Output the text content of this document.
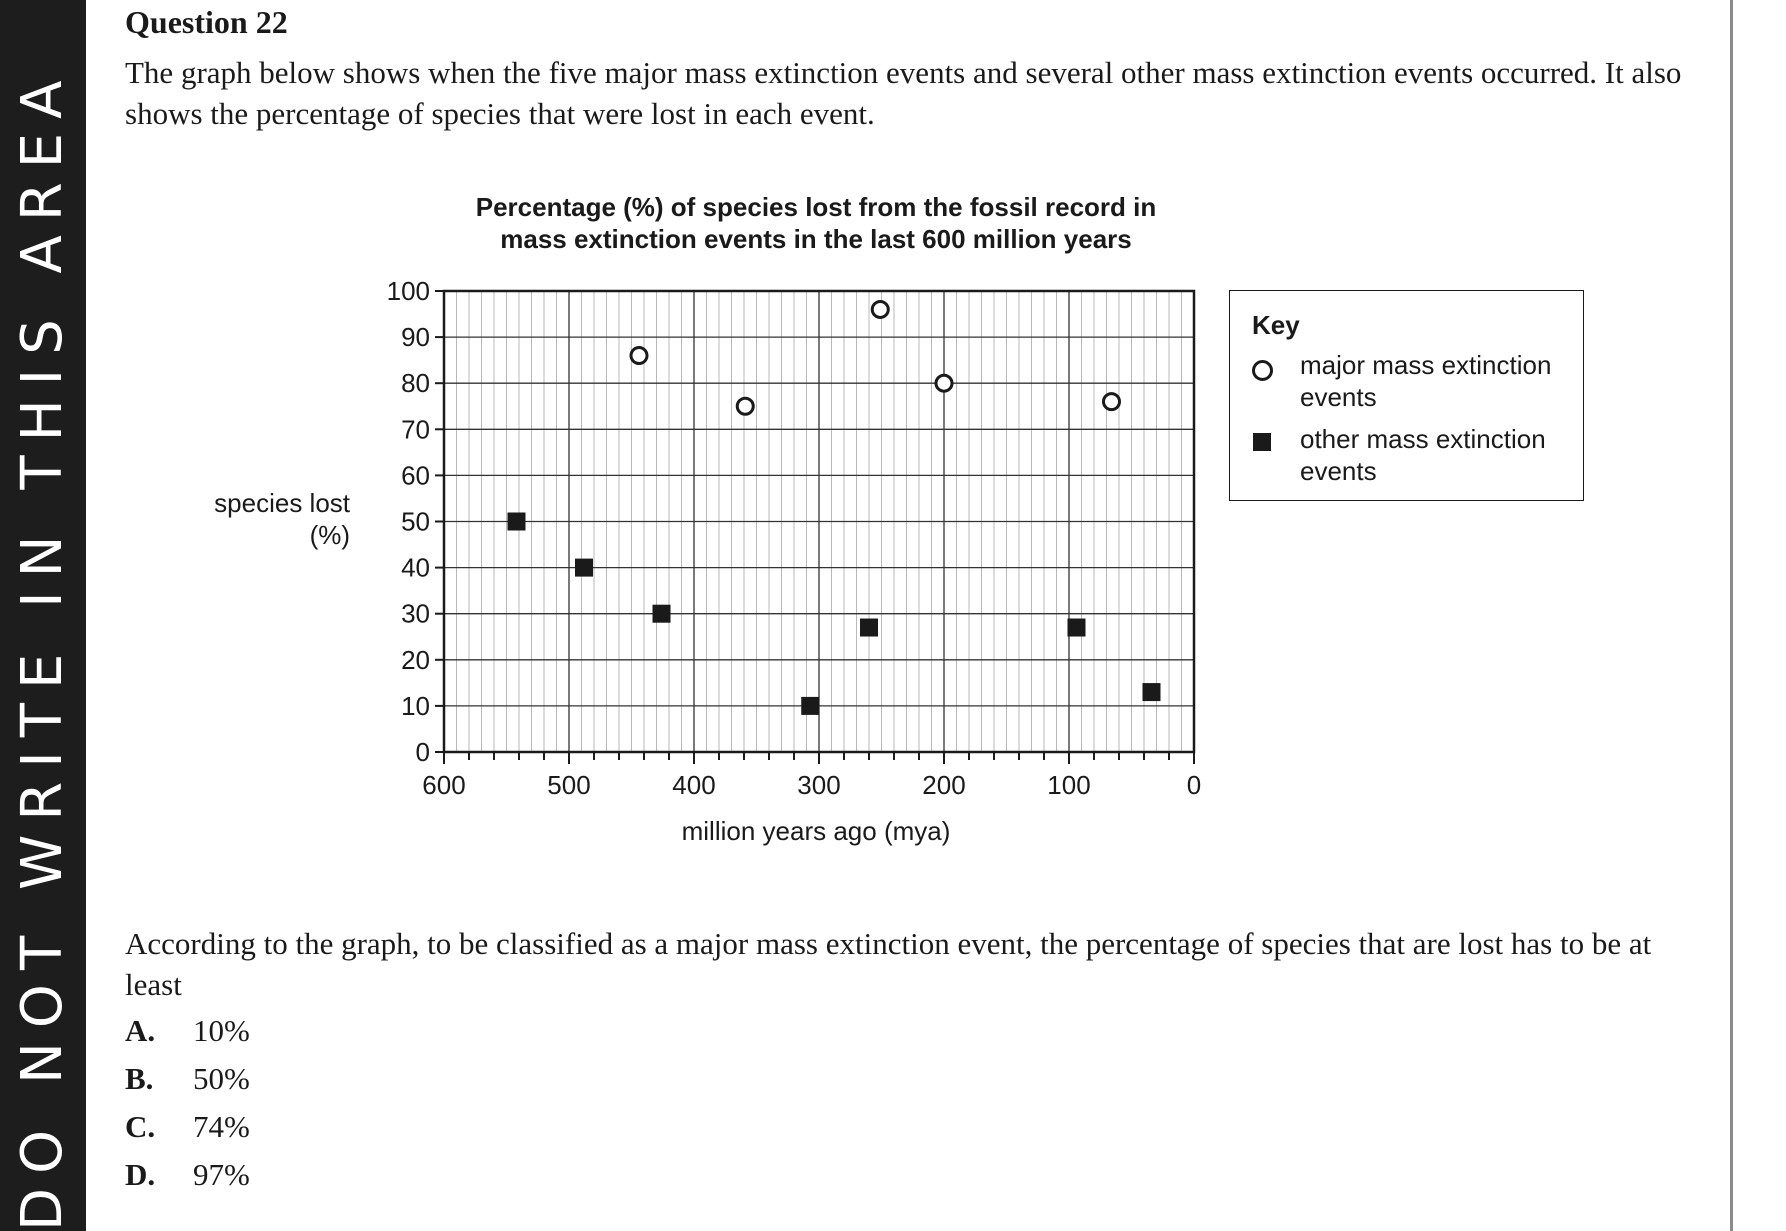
DO NOT WRITE IN THIS AREA
Question 22
The graph below shows when the five major mass extinction events and several other mass extinction events occurred. It also shows the percentage of species that were lost in each event.
0
10
20
30
40
50
60
70
80
90
100
600	500	400	300	200	100	0
Percentage (%) of species lost from the fossil record in
mass extinction events in the last 600 million years
species lost
(%)
million years ago (mya)
Key
major mass extinction events
other mass extinction events
According to the graph, to be classified as a major mass extinction event, the percentage of species that are lost has to be at least
A. 10%
B. 50%
C. 74%
D. 97%
